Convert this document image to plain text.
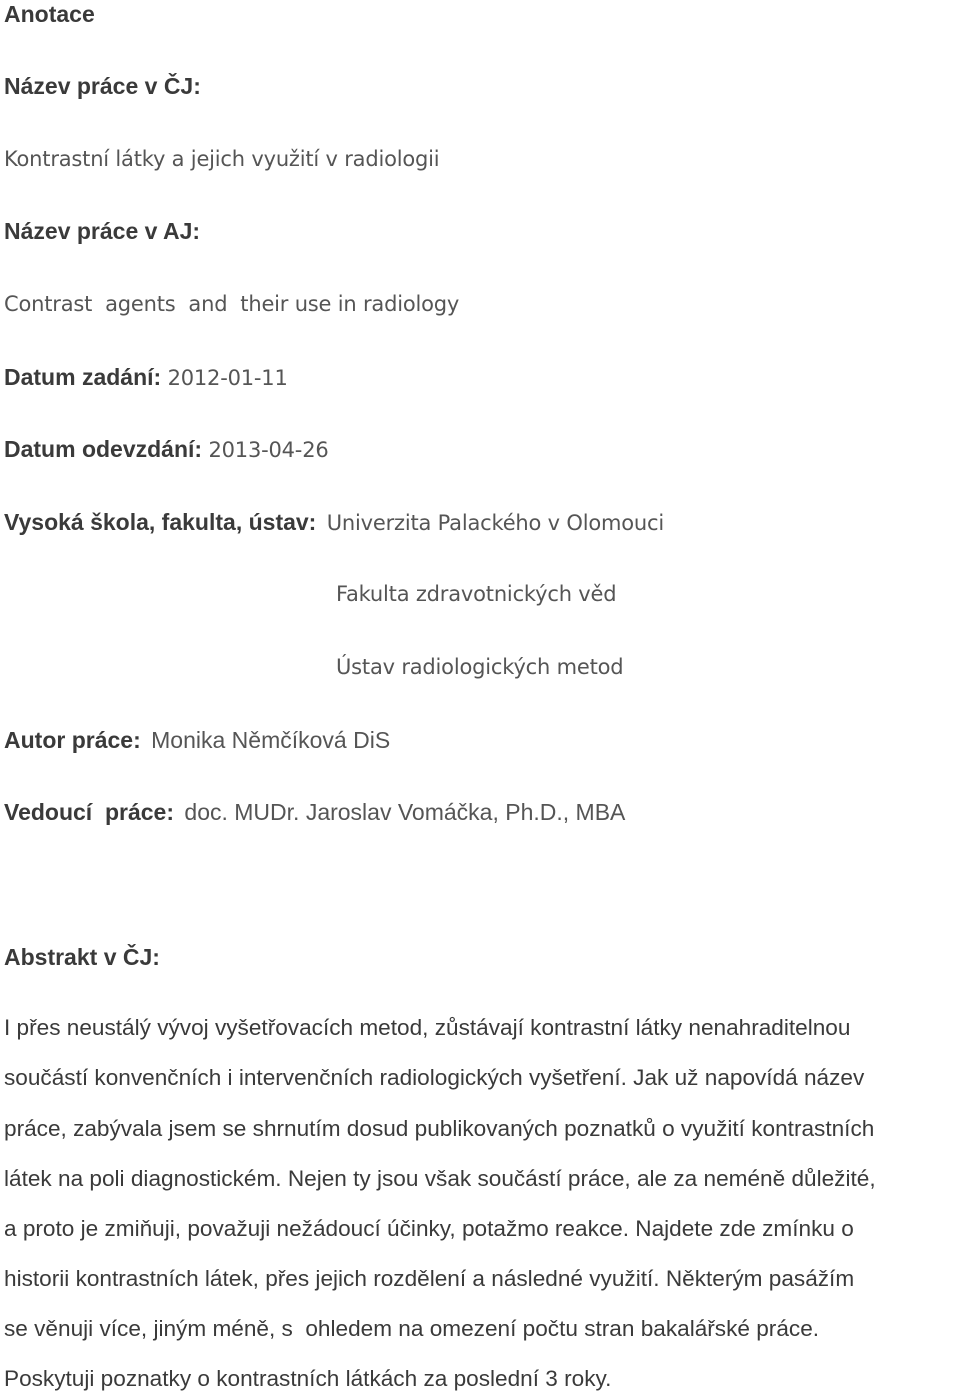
Anotace
Název práce v ČJ:
Kontrastní látky a jejich využití v radiologii
Název práce v AJ:
Contrast  agents  and  their use in radiology
Datum zadání: 2012-01-11
Datum odevzdání: 2013-04-26
Vysoká škola, fakulta, ústav: Univerzita Palackého v Olomouci
Fakulta zdravotnických věd
Ústav radiologických metod
Autor práce: Monika Němčíková DiS
Vedoucí  práce: doc. MUDr. Jaroslav Vomáčka, Ph.D., MBA
Abstrakt v ČJ:
I přes neustálý vývoj vyšetřovacích metod, zůstávají kontrastní látky nenahraditelnou
součástí konvenčních i intervenčních radiologických vyšetření. Jak už napovídá název
práce, zabývala jsem se shrnutím dosud publikovaných poznatků o využití kontrastních
látek na poli diagnostickém. Nejen ty jsou však součástí práce, ale za neméně důležité,
a proto je zmiňuji, považuji nežádoucí účinky, potažmo reakce. Najdete zde zmínku o
historii kontrastních látek, přes jejich rozdělení a následné využití. Některým pasážím
se věnuji více, jiným méně, s  ohledem na omezení počtu stran bakalářské práce.
Poskytuji poznatky o kontrastních látkách za poslední 3 roky.
